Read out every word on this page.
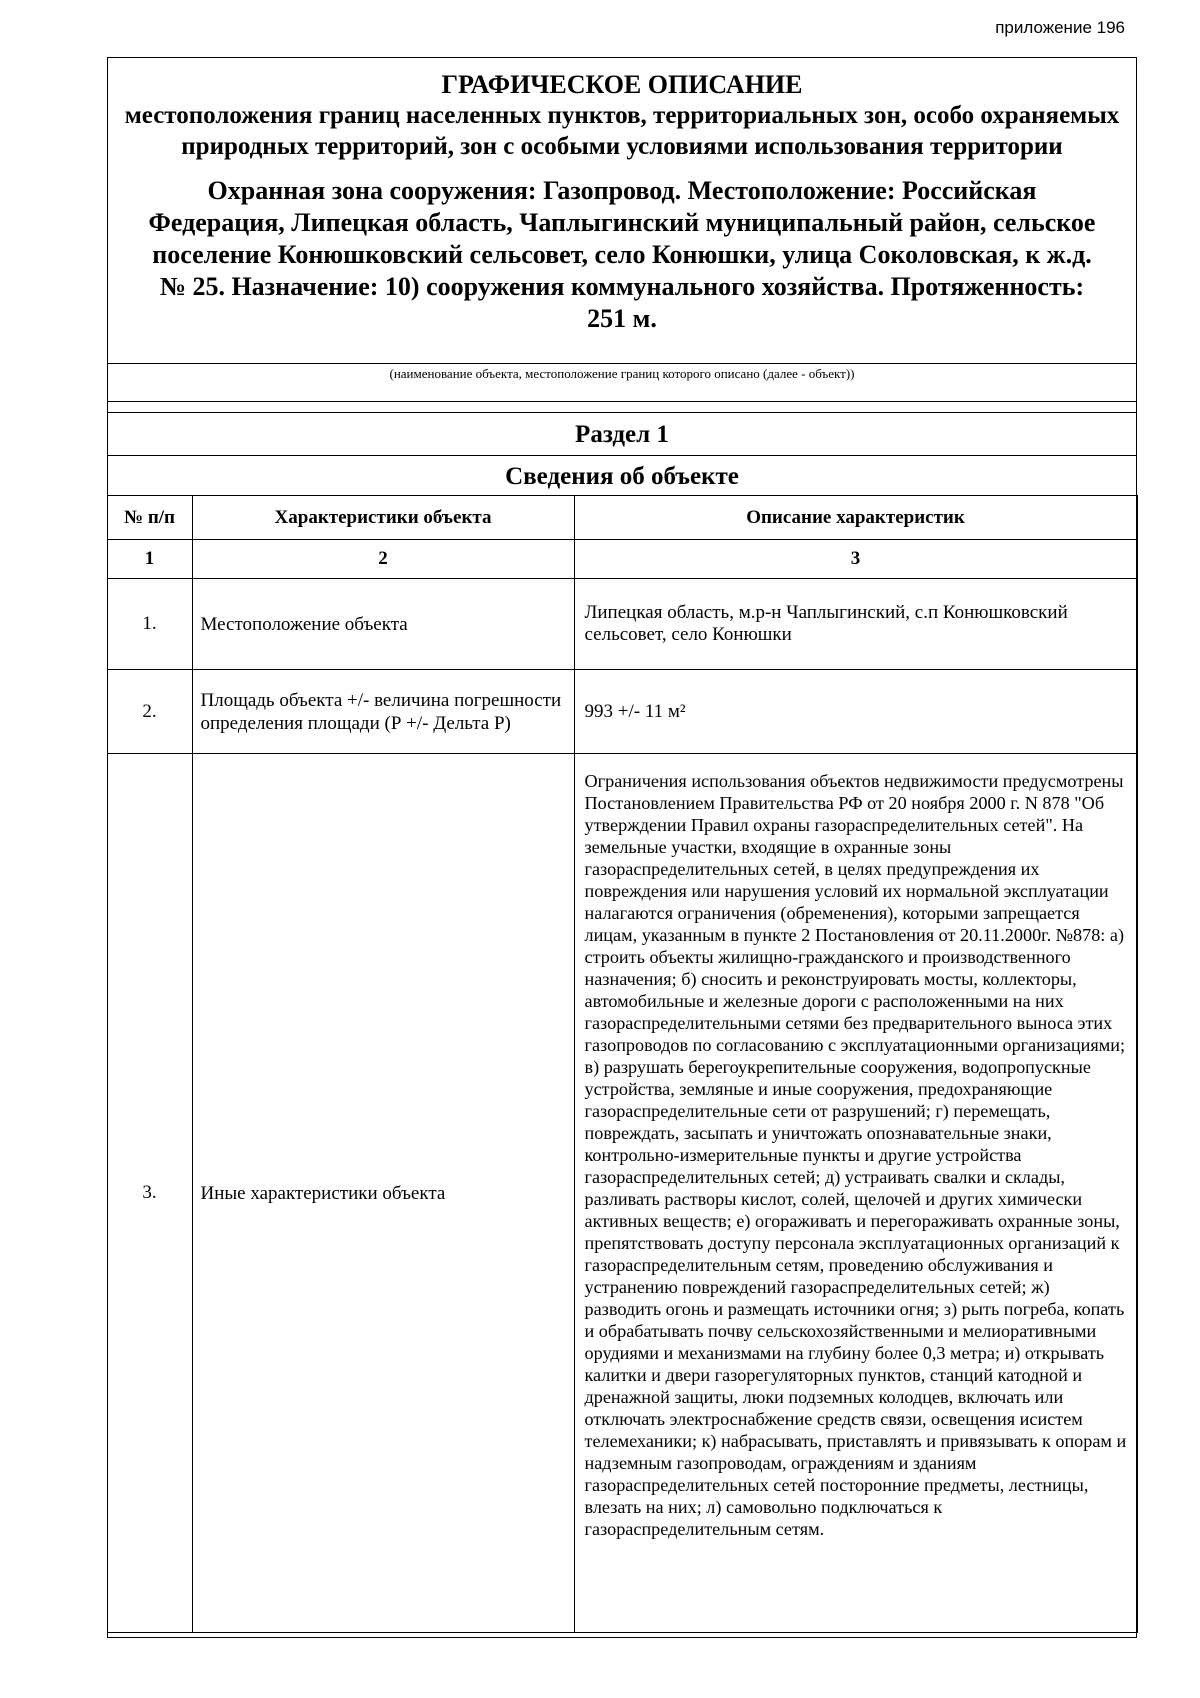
приложение 196

ГРАФИЧЕСКОЕ ОПИСАНИЕ

местоположения границ населенных пунктов, территориальных зон, особо охраняемых природных территорий, зон с особыми условиями использования территории

Охранная зона сооружения: Газопровод. Местоположение: Российская Федерация, Липецкая область, Чаплыгинский муниципальный район, сельское поселение Конюшковский сельсовет, село Конюшки, улица Соколовская, к ж.д. № 25. Назначение: 10) сооружения коммунального хозяйства. Протяженность: 251 м.

(наименование объекта, местоположение границ которого описано (далее - объект))
Раздел 1
Сведения об объекте
№ п/п	Характеристики объекта	Описание характеристик
1	2	3
1.	Местоположение объекта	Липецкая область, м.р-н Чаплыгинский, с.п Конюшковский сельсовет, село Конюшки
2.	Площадь объекта +/- величина погрешности определения площади (Р +/- Дельта Р)	993 +/- 11 м²
3.	Иные характеристики объекта	Ограничения использования объектов недвижимости предусмотрены Постановлением Правительства РФ от 20 ноября 2000 г. N 878 "Об утверждении Правил охраны газораспределительных сетей". На земельные участки, входящие в охранные зоны газораспределительных сетей, в целях предупреждения их повреждения или нарушения условий их нормальной эксплуатации налагаются ограничения (обременения), которыми запрещается лицам, указанным в пункте 2 Постановления от 20.11.2000г. №878: а) строить объекты жилищно-гражданского и производственного назначения; б) сносить и реконструировать мосты, коллекторы, автомобильные и железные дороги с расположенными на них газораспределительными сетями без предварительного выноса этих газопроводов по согласованию с эксплуатационными организациями; в) разрушать берегоукрепительные сооружения, водопропускные устройства, земляные и иные сооружения, предохраняющие газораспределительные сети от разрушений; г) перемещать, повреждать, засыпать и уничтожать опознавательные знаки, контрольно-измерительные пункты и другие устройства газораспределительных сетей; д) устраивать свалки и склады, разливать растворы кислот, солей, щелочей и других химически активных веществ; е) огораживать и перегораживать охранные зоны, препятствовать доступу персонала эксплуатационных организаций к газораспределительным сетям, проведению обслуживания и устранению повреждений газораспределительных сетей; ж) разводить огонь и размещать источники огня; з) рыть погреба, копать и обрабатывать почву сельскохозяйственными и мелиоративными орудиями и механизмами на глубину более 0,3 метра; и) открывать калитки и двери газорегуляторных пунктов, станций катодной и дренажной защиты, люки подземных колодцев, включать или отключать электроснабжение средств связи, освещения исистем телемеханики; к) набрасывать, приставлять и привязывать к опорам и надземным газопроводам, ограждениям и зданиям газораспределительных сетей посторонние предметы, лестницы, влезать на них; л) самовольно подключаться к газораспределительным сетям.
